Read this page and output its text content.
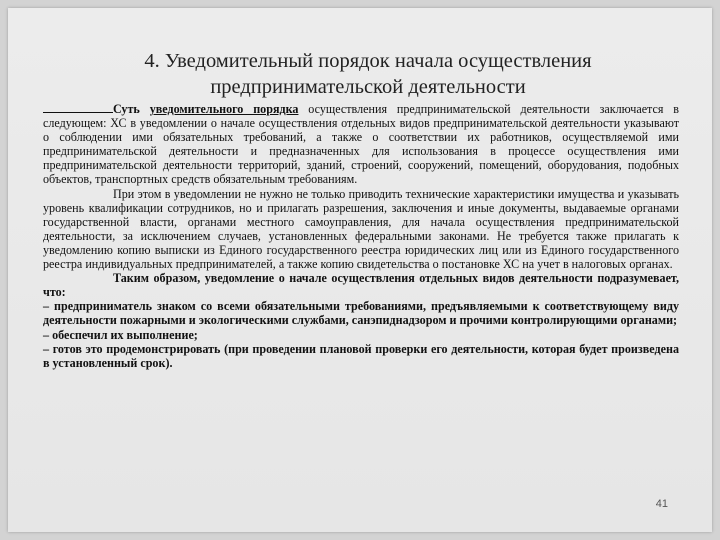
4. Уведомительный порядок начала осуществления
предпринимательской деятельности

Суть уведомительного порядка осуществления предпринимательской деятельности заключается в следующем: ХС в уведомлении о начале осуществления отдельных видов предпринимательской деятельности указывают о соблюдении ими обязательных требований, а также о соответствии их работников, осуществляемой ими предпринимательской деятельности и предназначенных для использования в процессе осуществления ими предпринимательской деятельности территорий, зданий, строений, сооружений, помещений, оборудования, подобных объектов, транспортных средств обязательным требованиям.

При этом в уведомлении не нужно не только приводить технические характеристики имущества и указывать уровень квалификации сотрудников, но и прилагать разрешения, заключения и иные документы, выдаваемые органами государственной власти, органами местного самоуправления, для начала осуществления предпринимательской деятельности, за исключением случаев, установленных федеральными законами. Не требуется также прилагать к уведомлению копию выписки из Единого государственного реестра юридических лиц или из Единого государственного реестра индивидуальных предпринимателей, а также копию свидетельства о постановке ХС на учет в налоговых органах.

Таким образом, уведомление о начале осуществления отдельных видов деятельности подразумевает, что:

– предприниматель знаком со всеми обязательными требованиями, предъявляемыми к соответствующему виду деятельности пожарными и экологическими службами, санэпиднадзором и прочими контролирующими органами;

– обеспечил их выполнение;

– готов это продемонстрировать (при проведении плановой проверки его деятельности, которая будет произведена в установленный срок).

41
